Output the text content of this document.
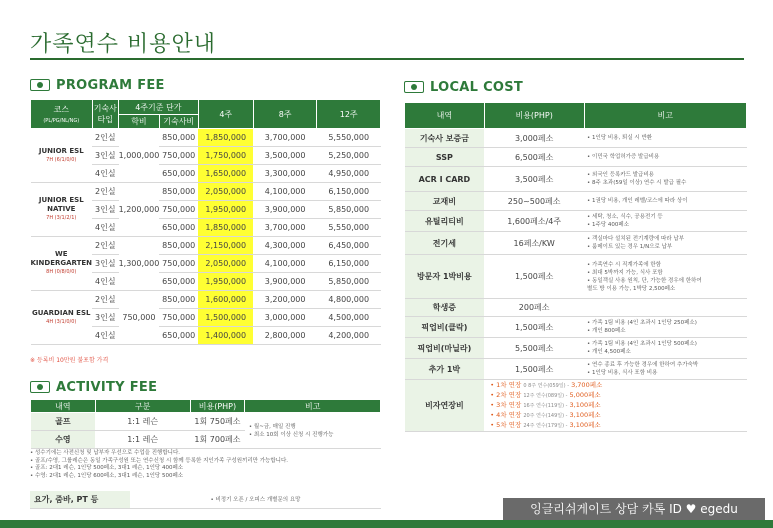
가족연수 비용안내
PROGRAM FEE
코스
(PL/PG/NL/NG)	기숙사 타입	4주기준 단가		4주	8주	12주
		학비	기숙사비			
JUNIOR ESL
7H (6/1/0/0)	2인실	1,000,000	850,000	1,850,000	3,700,000	5,550,000
	3인실		750,000	1,750,000	3,500,000	5,250,000
	4인실		650,000	1,650,000	3,300,000	4,950,000
JUNIOR ESL NATIVE
7H (3/1/2/1)	2인실	1,200,000	850,000	2,050,000	4,100,000	6,150,000
	3인실		750,000	1,950,000	3,900,000	5,850,000
	4인실		650,000	1,850,000	3,700,000	5,550,000
WE KINDERGARTEN
8H (0/8/0/0)	2인실	1,300,000	850,000	2,150,000	4,300,000	6,450,000
	3인실		750,000	2,050,000	4,100,000	6,150,000
	4인실		650,000	1,950,000	3,900,000	5,850,000
GUARDIAN ESL
4H (3/1/0/0)	2인실	750,000	850,000	1,600,000	3,200,000	4,800,000
	3인실		750,000	1,500,000	3,000,000	4,500,000
	4인실		650,000	1,400,000	2,800,000	4,200,000
※ 등록비 10만원 불포함 가격
ACTIVITY FEE
내역	구분	비용(PHP)	비고
골프	1:1 레슨	1회 750페소	• 월~금, 매일 진행
• 최소 10회 이상 신청 시 진행가능
수영	1:1 레슨	1회 700페소	
• 성수기에는 사전신청 및 납부자 우선으로 수업을 진행합니다.
• 골프/수영, 그룹레슨은 동일 가족구성원 또는 연수신청 시 함께 등록한 지인가족 구성원끼리만 가능합니다.
• 골프: 2대1 레슨, 1인당 500페소, 3대1 레슨, 1인당 400페소
• 수영: 2대1 레슨, 1인당 600페소, 3대1 레슨, 1인당 500페소
요가, 줌바, PT 등	• 비정기 오픈 / 오피스 개별문의 요망
LOCAL COST
내역	비용(PHP)	비고
기숙사 보증금	3,000페소	• 1인당 비용, 퇴실 시 반환
SSP	6,500페소	• 이민국 학업허가증 발급비용
ACR I CARD	3,500페소	• 외국인 등록카드 발급비용
• 8주 초과(59일 이상) 연수 시 발급 필수
교재비	250~500페소	• 1권당 비용, 개인 레벨/코스에 따라 상이
유틸리티비	1,600페소/4주	• 세탁, 청소, 식수, 공용전기 등
• 1주당 400페소
전기세	16페소/KW	• 객실마다 설치된 전기계량에 따라 납부
• 룸메이트 있는 경우 1/N으로 납부
방문자 1박비용	1,500페소	• 가족연수 시 직계가족에 한함
• 최대 5박까지 가능, 식사 포함
• 동일객실 사용 원칙, 단, 가능한 경우에 한하여
별도 방 이용 가능, 1박당 2,500페소
학생증	200페소	
픽업비(클락)	1,500페소	• 가족 1팀 비용 (4인 초과시 1인당 250페소)
• 개인 800페소
픽업비(마닐라)	5,500페소	• 가족 1팀 비용 (4인 초과시 1인당 500페소)
• 개인 4,500페소
추가 1박	1,500페소	• 연수 종료 후 가능한 경우에 한하여 추가숙박
• 1인당 비용, 식사 포함 비용
비자연장비	• 1차 연장 0 8주 연수(059일) - 3,700페소
• 2차 연장 12주 연수(089일) - 5,000페소
• 3차 연장 16주 연수(119일) - 3,100페소
• 4차 연장 20주 연수(149일) - 3,100페소
• 5차 연장 24주 연수(179일) - 3,100페소	
잉글리쉬게이트 상담 카톡 ID ♥ egedu
